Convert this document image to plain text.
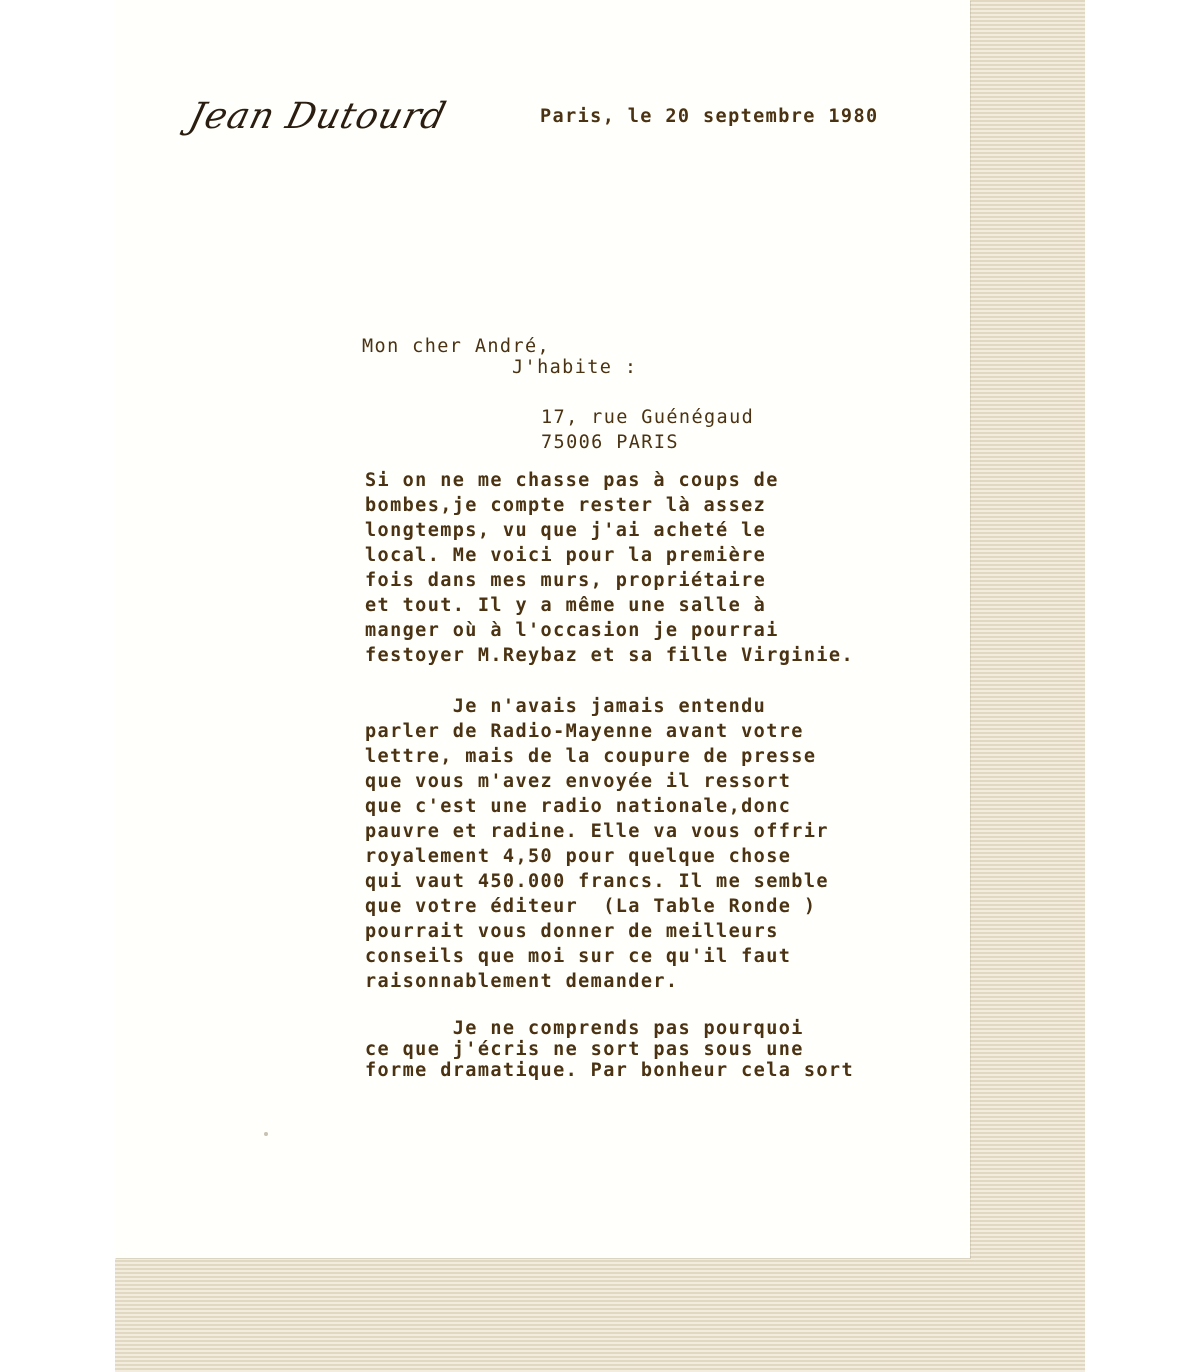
Jean Dutourd	Paris, le 20 septembre 1980
Mon cher André,
J'habite :
17, rue Guénégaud
75006 PARIS
Si on ne me chasse pas à coups de
bombes,je compte rester là assez
longtemps, vu que j'ai acheté le
local. Me voici pour la première
fois dans mes murs, propriétaire
et tout. Il y a même une salle à
manger où à l'occasion je pourrai
festoyer M.Reybaz et sa fille Virginie.
Je n'avais jamais entendu
parler de Radio-Mayenne avant votre
lettre, mais de la coupure de presse
que vous m'avez envoyée il ressort
que c'est une radio nationale,donc
pauvre et radine. Elle va vous offrir
royalement 4,50 pour quelque chose
qui vaut 450.000 francs. Il me semble
que votre éditeur  (La Table Ronde )
pourrait vous donner de meilleurs
conseils que moi sur ce qu'il faut
raisonnablement demander.
Je ne comprends pas pourquoi
ce que j'écris ne sort pas sous une
forme dramatique. Par bonheur cela sort
